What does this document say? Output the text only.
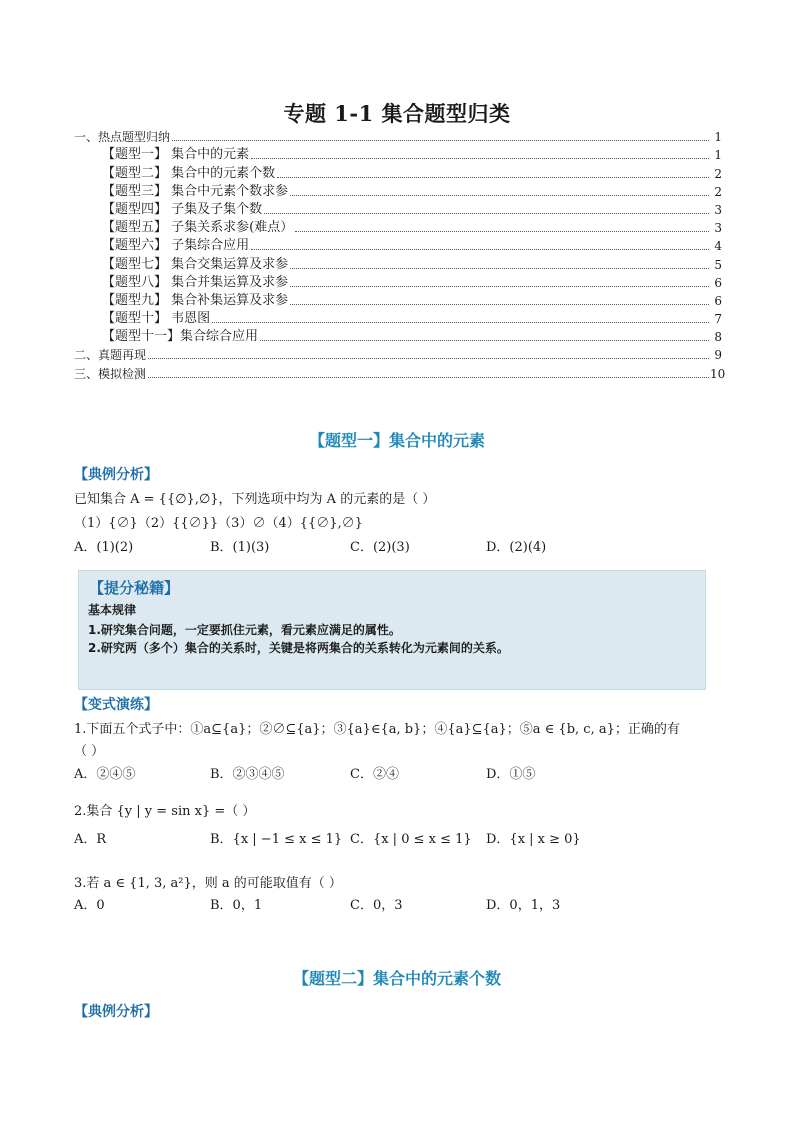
专题 1-1 集合题型归类
一、热点题型归纳	1
【题型一】 集合中的元素	1
【题型二】 集合中的元素个数	2
【题型三】 集合中元素个数求参	2
【题型四】 子集及子集个数	3
【题型五】 子集关系求参(难点）	3
【题型六】 子集综合应用	4
【题型七】 集合交集运算及求参	5
【题型八】 集合并集运算及求参	6
【题型九】 集合补集运算及求参	6
【题型十】 韦恩图	7
【题型十一】集合综合应用	8
二、真题再现	9
三、模拟检测	10
【题型一】集合中的元素
【典例分析】
已知集合 A = {{∅},∅}，下列选项中均为 A 的元素的是（ ）
（1）{∅}（2）{{∅}}（3）∅（4）{{∅},∅}
A．(1)(2)	B．(1)(3)	C．(2)(3)	D．(2)(4)
【提分秘籍】
基本规律
1.研究集合问题，一定要抓住元素，看元素应满足的属性。
2.研究两（多个）集合的关系时，关键是将两集合的关系转化为元素间的关系。
【变式演练】
1.下面五个式子中：①a⊆{a}；②∅⊆{a}；③{a}∈{a, b}；④{a}⊆{a}；⑤a ∈ {b, c, a}；正确的有
（ ）
A．②④⑤	B．②③④⑤	C．②④	D．①⑤
2.集合 {y | y = sin x} =（ ）
A．R	B．{x | −1 ≤ x ≤ 1} C．{x | 0 ≤ x ≤ 1} D．{x | x ≥ 0}
3.若 a ∈ {1, 3, a²}，则 a 的可能取值有（ ）
A．0	B．0，1	C．0，3	D．0，1，3
【题型二】集合中的元素个数
【典例分析】
